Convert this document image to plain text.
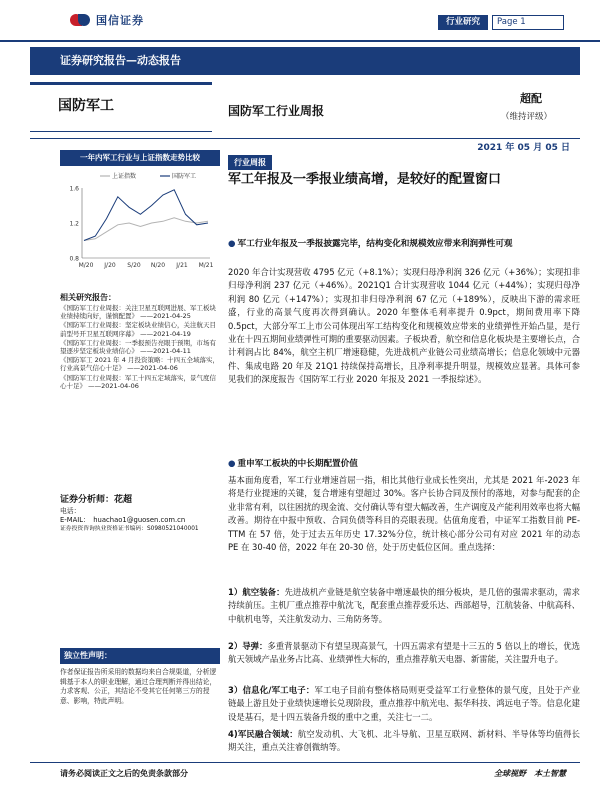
国信证券	行业研究	Page 1
证券研究报告—动态报告
国防军工	国防军工行业周报
超配
（维持评级）
2021 年 05 月 05 日
一年内军工行业与上证指数走势比较
1.6
1.2
0.8
M/20 J/20 S/20 N/20 J/21 M/21
上证指数	国防军工
相关研究报告：
《国防军工行业周报：关注卫星互联网进展、军工板块业绩持续向好，谨慎配置》 ——2021-04-25
《国防军工行业周报：坚定板块业绩信心，关注航天目前型号开卫星互联网序幕》 ——2021-04-19
《国防军工行业周报：一季报预告亮眼于预期，市场有望逐步坚定板块业绩信心》 ——2021-04-11
《国防军工 2021 年 4 月投资策略：十四五全域落实，行业高景气信心十足》 ——2021-04-06
《国防军工行业周报：军工十四五定域落实，景气度信心十足》 ——2021-04-06
证券分析师：花超
电话：
E-MAIL：　huachao1@guosen.com.cn
证券投资咨询执业资格证书编码：S0980521040001
独立性声明：
作者保证报告所采用的数据均来自合规渠道，分析逻辑基于本人的职业理解，通过合理判断并得出结论，力求客观、公正，其结论不受其它任何第三方的授意、影响，特此声明。
行业周报
军工年报及一季报业绩高增，是较好的配置窗口
● 军工行业年报及一季报披露完毕，结构变化和规模效应带来利润弹性可观
2020 年合计实现营收 4795 亿元（+8.1%）；实现归母净利润 326 亿元（+36%）；实现扣非归母净利润 237 亿元（+46%）。2021Q1 合计实现营收 1044 亿元（+44%）；实现归母净利润 80 亿元（+147%）；实现扣非归母净利润 67 亿元（+189%），反映出下游的需求旺盛，行业的高景气度再次得到确认。2020 年整体毛利率提升 0.9pct，期间费用率下降 0.5pct，大部分军工上市公司体现出军工结构变化和规模效应带来的业绩弹性开始凸显，是行业在十四五期间业绩弹性可期的重要驱动因素。子板块看，航空和信息化板块是主要增长点，合计利润占比 84%，航空主机厂增速稳健，先进战机产业链公司业绩高增长；信息化领域中元器件、集成电路 20 年及 21Q1 持续保持高增长，且净利率提升明显，规模效应显著。具体可参见我们的深度报告《国防军工行业 2020 年报及 2021 一季报综述》。
● 重申军工板块的中长期配置价值
基本面角度看，军工行业增速首屈一指，相比其他行业成长性突出，尤其是 2021 年-2023 年将是行业提速的关键，复合增速有望超过 30%。客户长协合同及预付的落地，对参与配套的企业非常有利，以往困扰的现金流、交付确认等有望大幅改善，生产调度及产能利用效率也将大幅改善。期待在中报中预收、合同负债等科目的亮眼表现。估值角度看，中证军工指数目前 PE-TTM 在 57 倍，处于过去五年历史 17.32%分位，统计核心部分公司有对应 2021 年的动态 PE 在 30-40 倍，2022 年在 20-30 倍，处于历史低位区间。重点选择：
1）航空装备：先进战机产业链是航空装备中增速最快的细分板块，是几倍的强需求驱动，需求持续前压。主机厂重点推荐中航沈飞，配套重点推荐爱乐达、西部超导，江航装备、中航高科、中航机电等，关注航发动力、三角防务等。
2）导弹：多重背景驱动下有望呈现高景气，十四五需求有望是十三五的 5 倍以上的增长，优选航天领域产品业务占比高、业绩弹性大标的，重点推荐航天电器、新雷能，关注盟升电子。
3）信息化/军工电子：军工电子目前有整体格局则更受益军工行业整体的景气度，且处于产业链最上游且处于业绩快速增长兑现阶段，重点推荐中航光电、振华科技、鸿远电子等。信息化建设是基石，是十四五装备升级的重中之重，关注七一二。
4)军民融合领域：航空发动机、大飞机、北斗导航、卫星互联网、新材料、半导体等均值得长期关注，重点关注睿创微纳等。
请务必阅读正文之后的免责条款部分	全球视野　本土智慧
